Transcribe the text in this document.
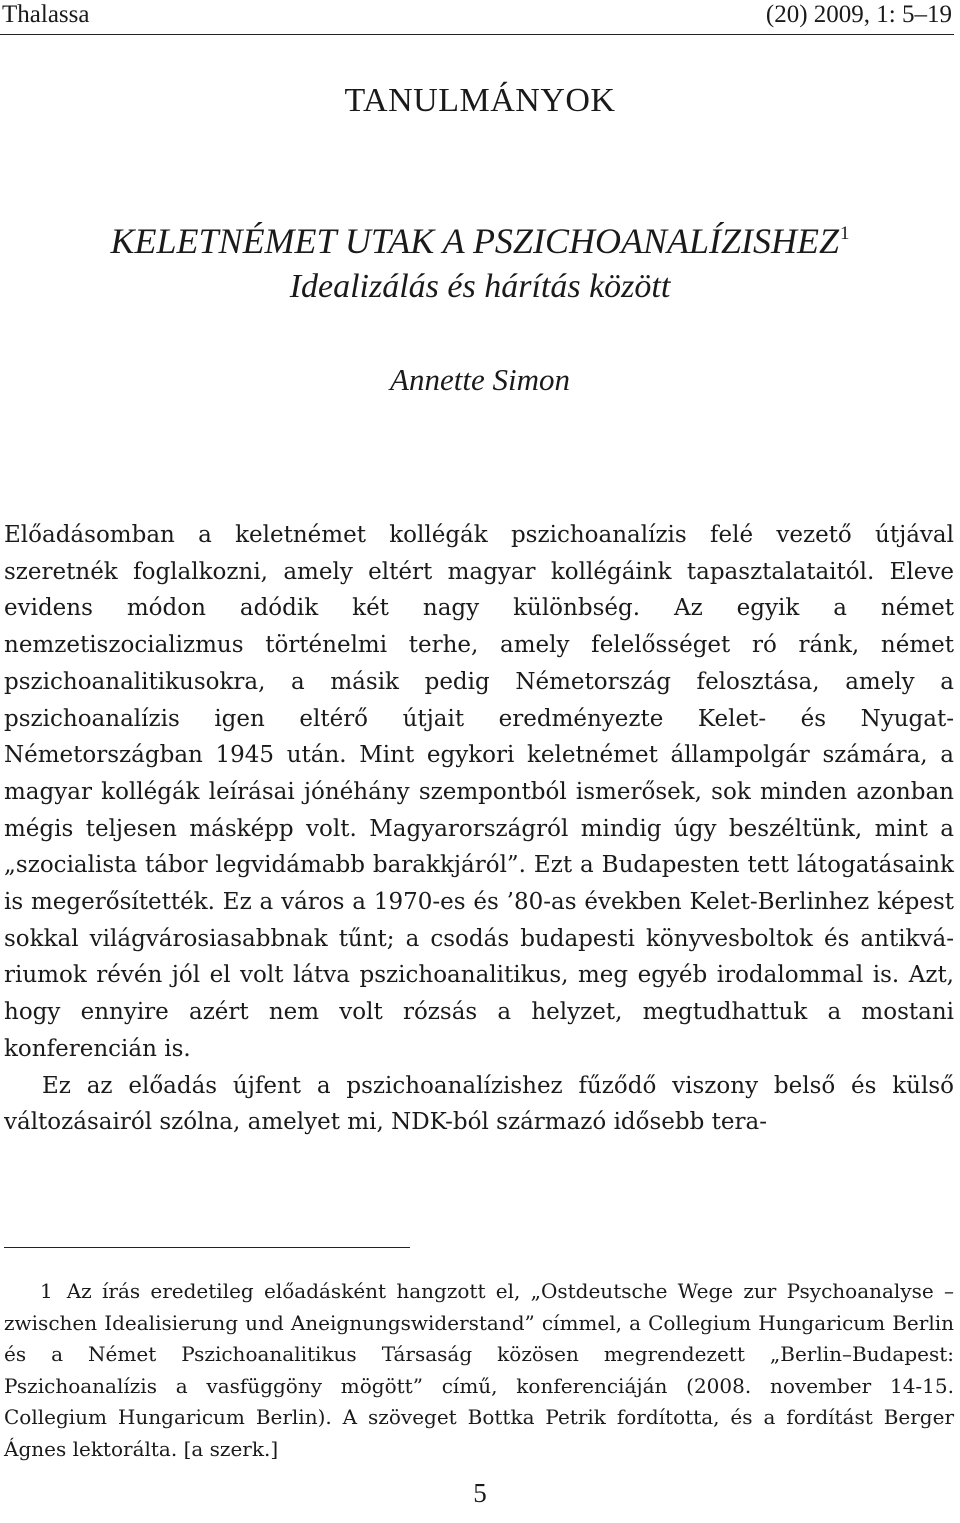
Thalassa	(20) 2009, 1: 5–19
TANULMÁNYOK
KELETNÉMET UTAK A PSZICHOANALÍZISHEZ$^1$
Idealizálás és hárítás között
Annette Simon

Előadásomban a keletnémet kollégák pszichoanalízis felé vezető útjával szeretnék foglalkozni, amely eltért magyar kollégáink tapasztalataitól. Eleve evidens módon adódik két nagy különbség. Az egyik a német nemzetiszocializmus történelmi terhe, amely felelősséget ró ránk, német pszichoanalitikusokra, a másik pedig Németország felosztása, amely a pszichoanalízis igen eltérő útjait eredményezte Kelet- és Nyugat-Németországban 1945 után. Mint egykori keletnémet állampolgár számára, a magyar kollégák leírásai jónéhány szempontból ismerősek, sok minden azonban mégis teljesen másképp volt. Magyarországról mindig úgy beszéltünk, mint a „szocialista tábor legvidámabb barakkjáról”. Ezt a Budapesten tett látogatásaink is megerősítették. Ez a város a 1970-es és ’80-as években Kelet-Berlinhez képest sokkal világvárosiasabbnak tűnt; a csodás budapesti könyvesboltok és antikváriumok révén jól el volt látva pszichoanalitikus, meg egyéb irodalommal is. Azt, hogy ennyire azért nem volt rózsás a helyzet, megtudhattuk a mostani konferencián is.

Ez az előadás újfent a pszichoanalízishez fűződő viszony belső és külső változásairól szólna, amelyet mi, NDK-ból származó idősebb tera-

1 Az írás eredetileg előadásként hangzott el, „Ostdeutsche Wege zur Psychoanalyse – zwischen Idealisierung und Aneignungswiderstand” címmel, a Collegium Hungaricum Berlin és a Német Pszichoanalitikus Társaság közösen megrendezett „Berlin–Budapest: Pszichoanalízis a vasfüggöny mögött” című, konferenciáján (2008. november 14-15. Collegium Hungaricum Berlin). A szöveget Bottka Petrik fordította, és a fordítást Berger Ágnes lektorálta. [a szerk.]
5
